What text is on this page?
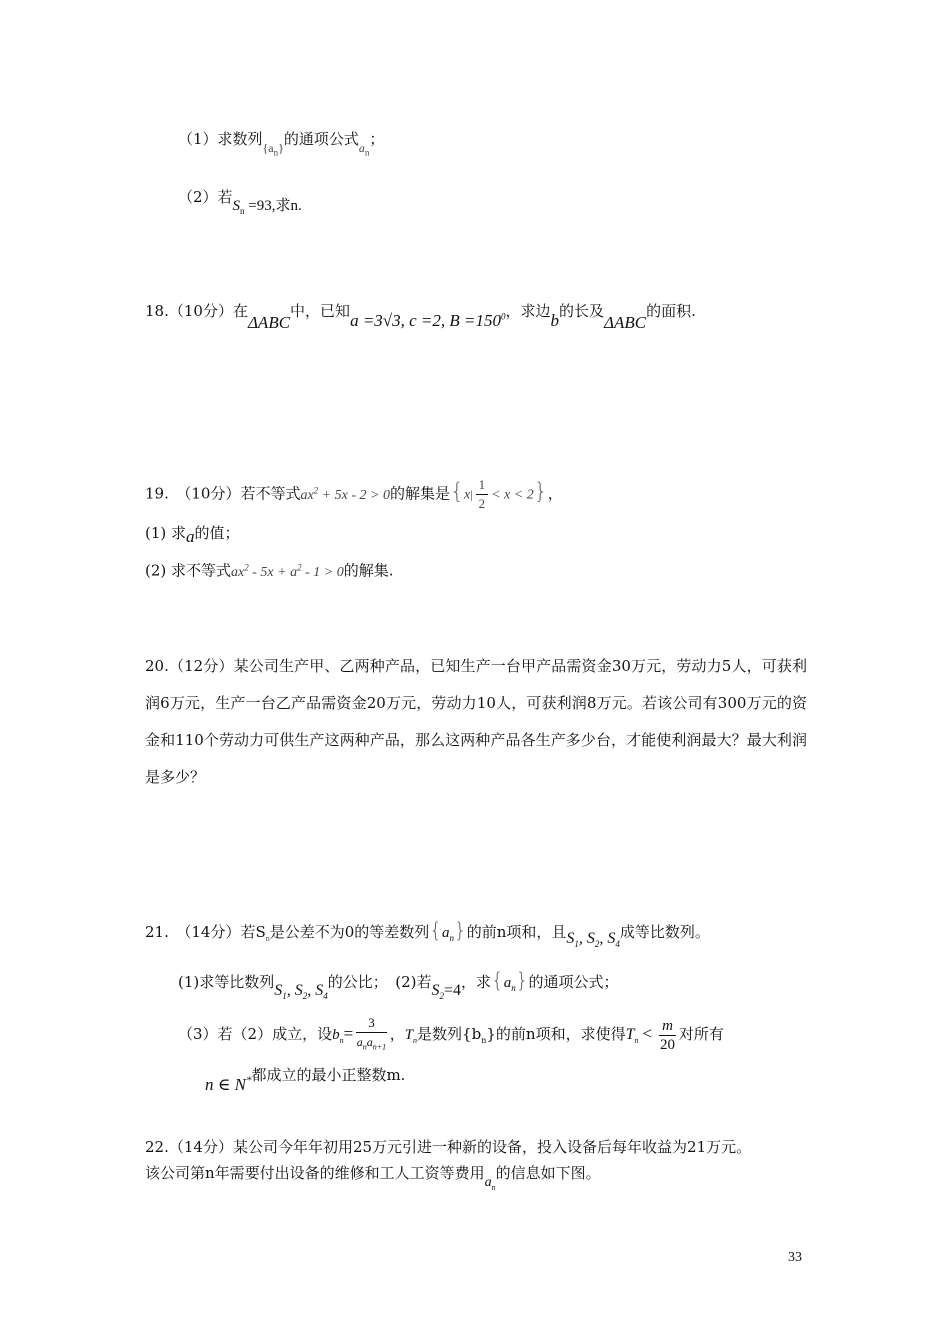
（1）求数列$_{\{a_n\}}$的通项公式$_{a_n}$；
（2）若$S_n =93$,求n.
18.（10分）在ΔABC中，已知a =3√3, c =2, $B =150^0$，求边b的长及ΔABC的面积.
19.　（10分）若不等式$ax^2 + 5x - 2 > 0$的解集是$\{x| \frac{1}{2} < x < 2\}$，
(1) 求a的值；
(2) 求不等式$ax^2 - 5x + a^2 - 1 > 0$的解集.
20.（12分）某公司生产甲、乙两种产品，已知生产一台甲产品需资金30万元，劳动力5人，可获利润6万元，生产一台乙产品需资金20万元，劳动力10人，可获利润8万元。若该公司有300万元的资金和110个劳动力可供生产这两种产品，那么这两种产品各生产多少台，才能使利润最大？最大利润是多少？
21.　（14分）若$S_n$是公差不为0的等差数列$\{a_n\}$的前n项和，且$S_1$, $S_2$, $S_4$成等比数列。
(1)求等比数列$S_1$, $S_2$, $S_4$的公比；　(2)若$S_2=4$，求$\{a_n\}$的通项公式；
（3）若（2）成立，设$b_n= \frac{3}{a_na_{n+1}}$ ，$T_n$是数列$\{b_n\}$的前n项和，求使得$T_n < \frac{m}{20}$ 对所有
n ∈ N*都成立的最小正整数m.
22.（14分）某公司今年年初用25万元引进一种新的设备，投入设备后每年收益为21万元。
该公司第n年需要付出设备的维修和工人工资等费用$a_n$的信息如下图。
33
